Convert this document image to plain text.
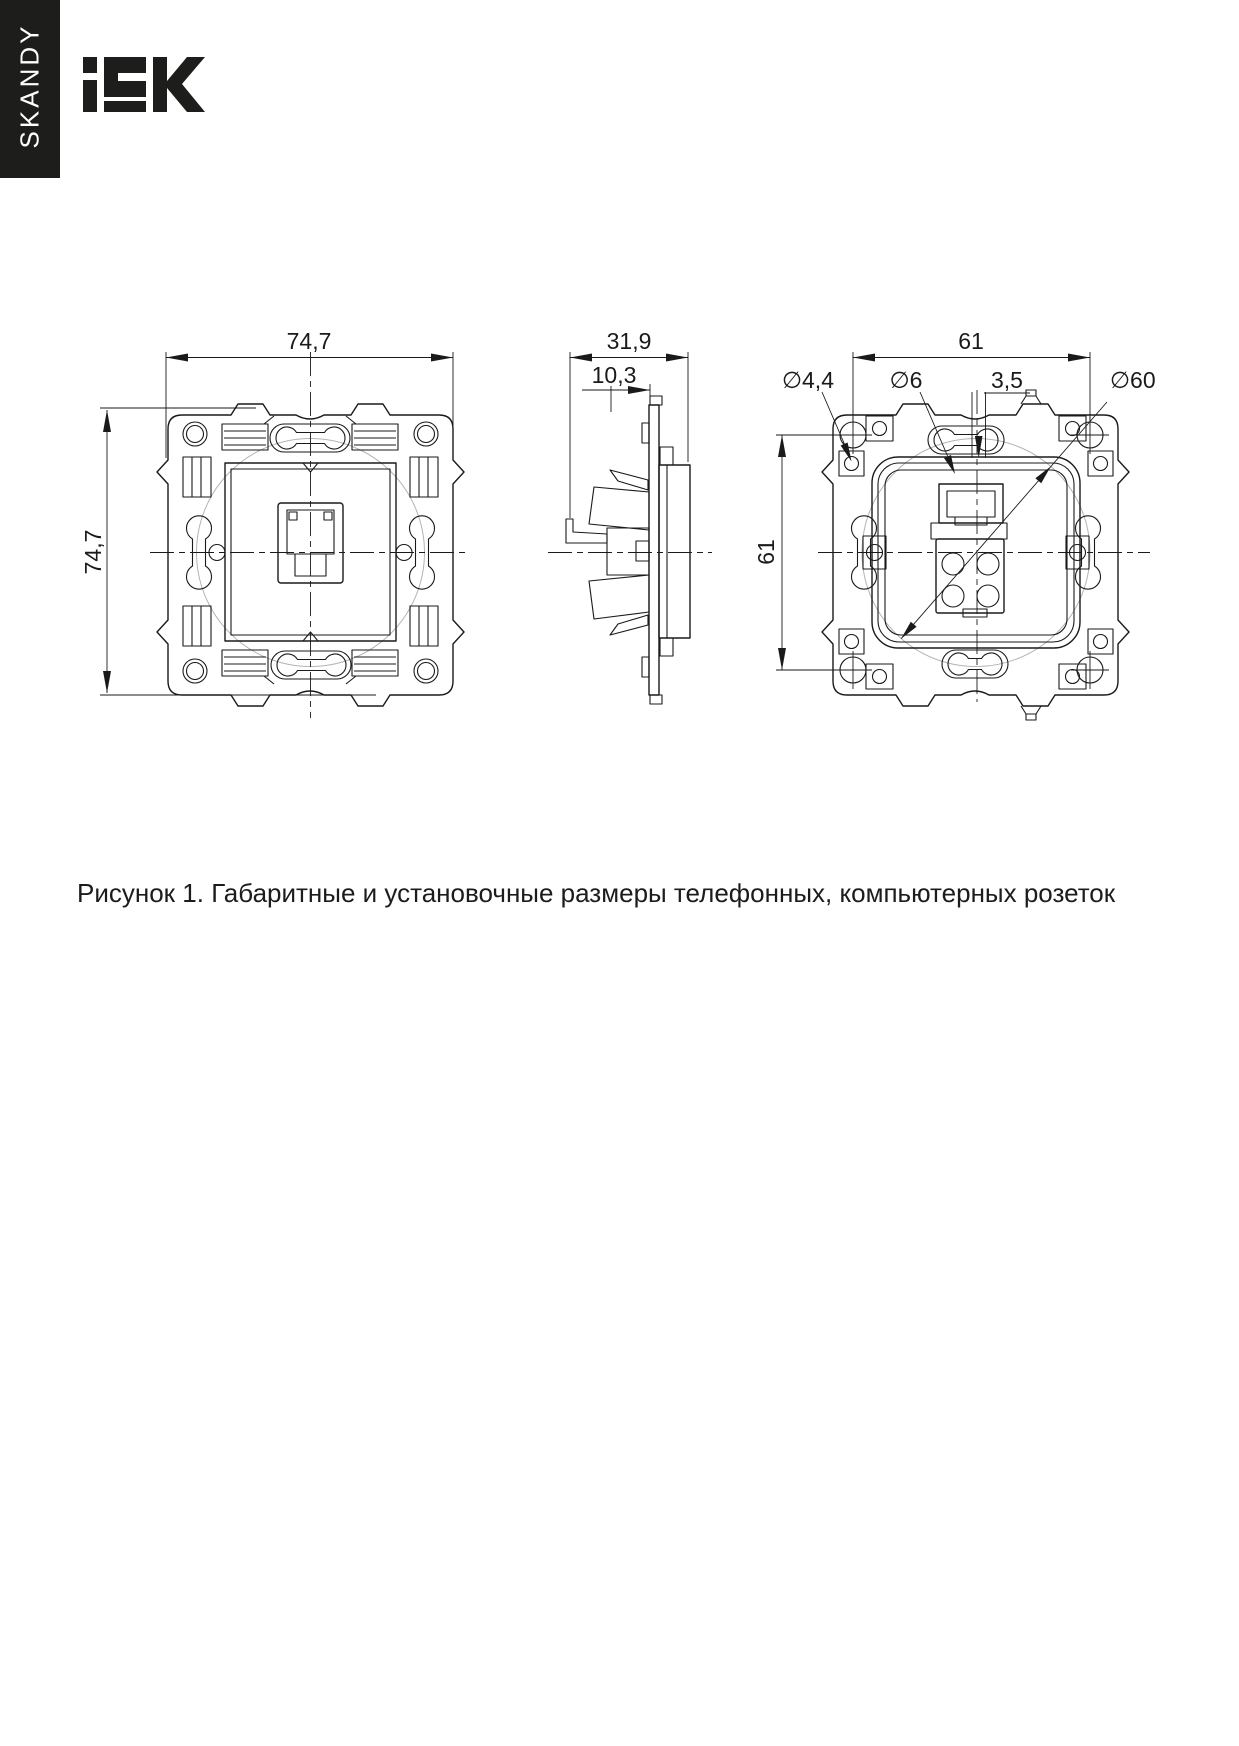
SKANDY
74,7
74,7
31,9
10,3	∅60
61
61
∅4,4 ∅6	3,5
Рисунок 1. Габаритные и установочные размеры телефонных, компьютерных розеток
